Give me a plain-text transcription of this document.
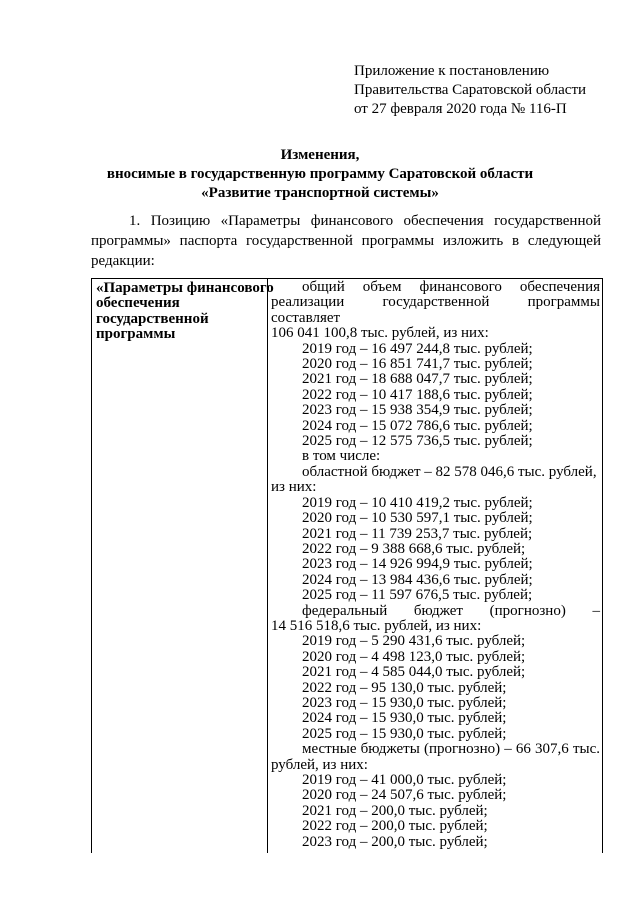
Приложение к постановлению
Правительства Саратовской области
от 27 февраля 2020 года № 116-П
Изменения,
вносимые в государственную программу Саратовской области
«Развитие транспортной системы»

1. Позицию «Параметры финансового обеспечения государственной программы» паспорта государственной программы изложить в следующей редакции:

«Параметры финансового
обеспечения
государственной
программы
общий объем финансового обеспечения
реализации государственной программы составляет
106 041 100,8 тыс. рублей, из них:
2019 год – 16 497 244,8 тыс. рублей;
2020 год – 16 851 741,7 тыс. рублей;
2021 год – 18 688 047,7 тыс. рублей;
2022 год – 10 417 188,6 тыс. рублей;
2023 год – 15 938 354,9 тыс. рублей;
2024 год – 15 072 786,6 тыс. рублей;
2025 год – 12 575 736,5 тыс. рублей;
в том числе:
областной бюджет – 82 578 046,6 тыс. рублей,
из них:
2019 год – 10 410 419,2 тыс. рублей;
2020 год – 10 530 597,1 тыс. рублей;
2021 год – 11 739 253,7 тыс. рублей;
2022 год – 9 388 668,6 тыс. рублей;
2023 год – 14 926 994,9 тыс. рублей;
2024 год – 13 984 436,6 тыс. рублей;
2025 год – 11 597 676,5 тыс. рублей;
федеральный бюджет (прогнозно) –
14 516 518,6 тыс. рублей, из них:
2019 год – 5 290 431,6 тыс. рублей;
2020 год – 4 498 123,0 тыс. рублей;
2021 год – 4 585 044,0 тыс. рублей;
2022 год – 95 130,0 тыс. рублей;
2023 год – 15 930,0 тыс. рублей;
2024 год – 15 930,0 тыс. рублей;
2025 год – 15 930,0 тыс. рублей;
местные бюджеты (прогнозно) – 66 307,6 тыс.
рублей, из них:
2019 год – 41 000,0 тыс. рублей;
2020 год – 24 507,6 тыс. рублей;
2021 год – 200,0 тыс. рублей;
2022 год – 200,0 тыс. рублей;
2023 год – 200,0 тыс. рублей;
